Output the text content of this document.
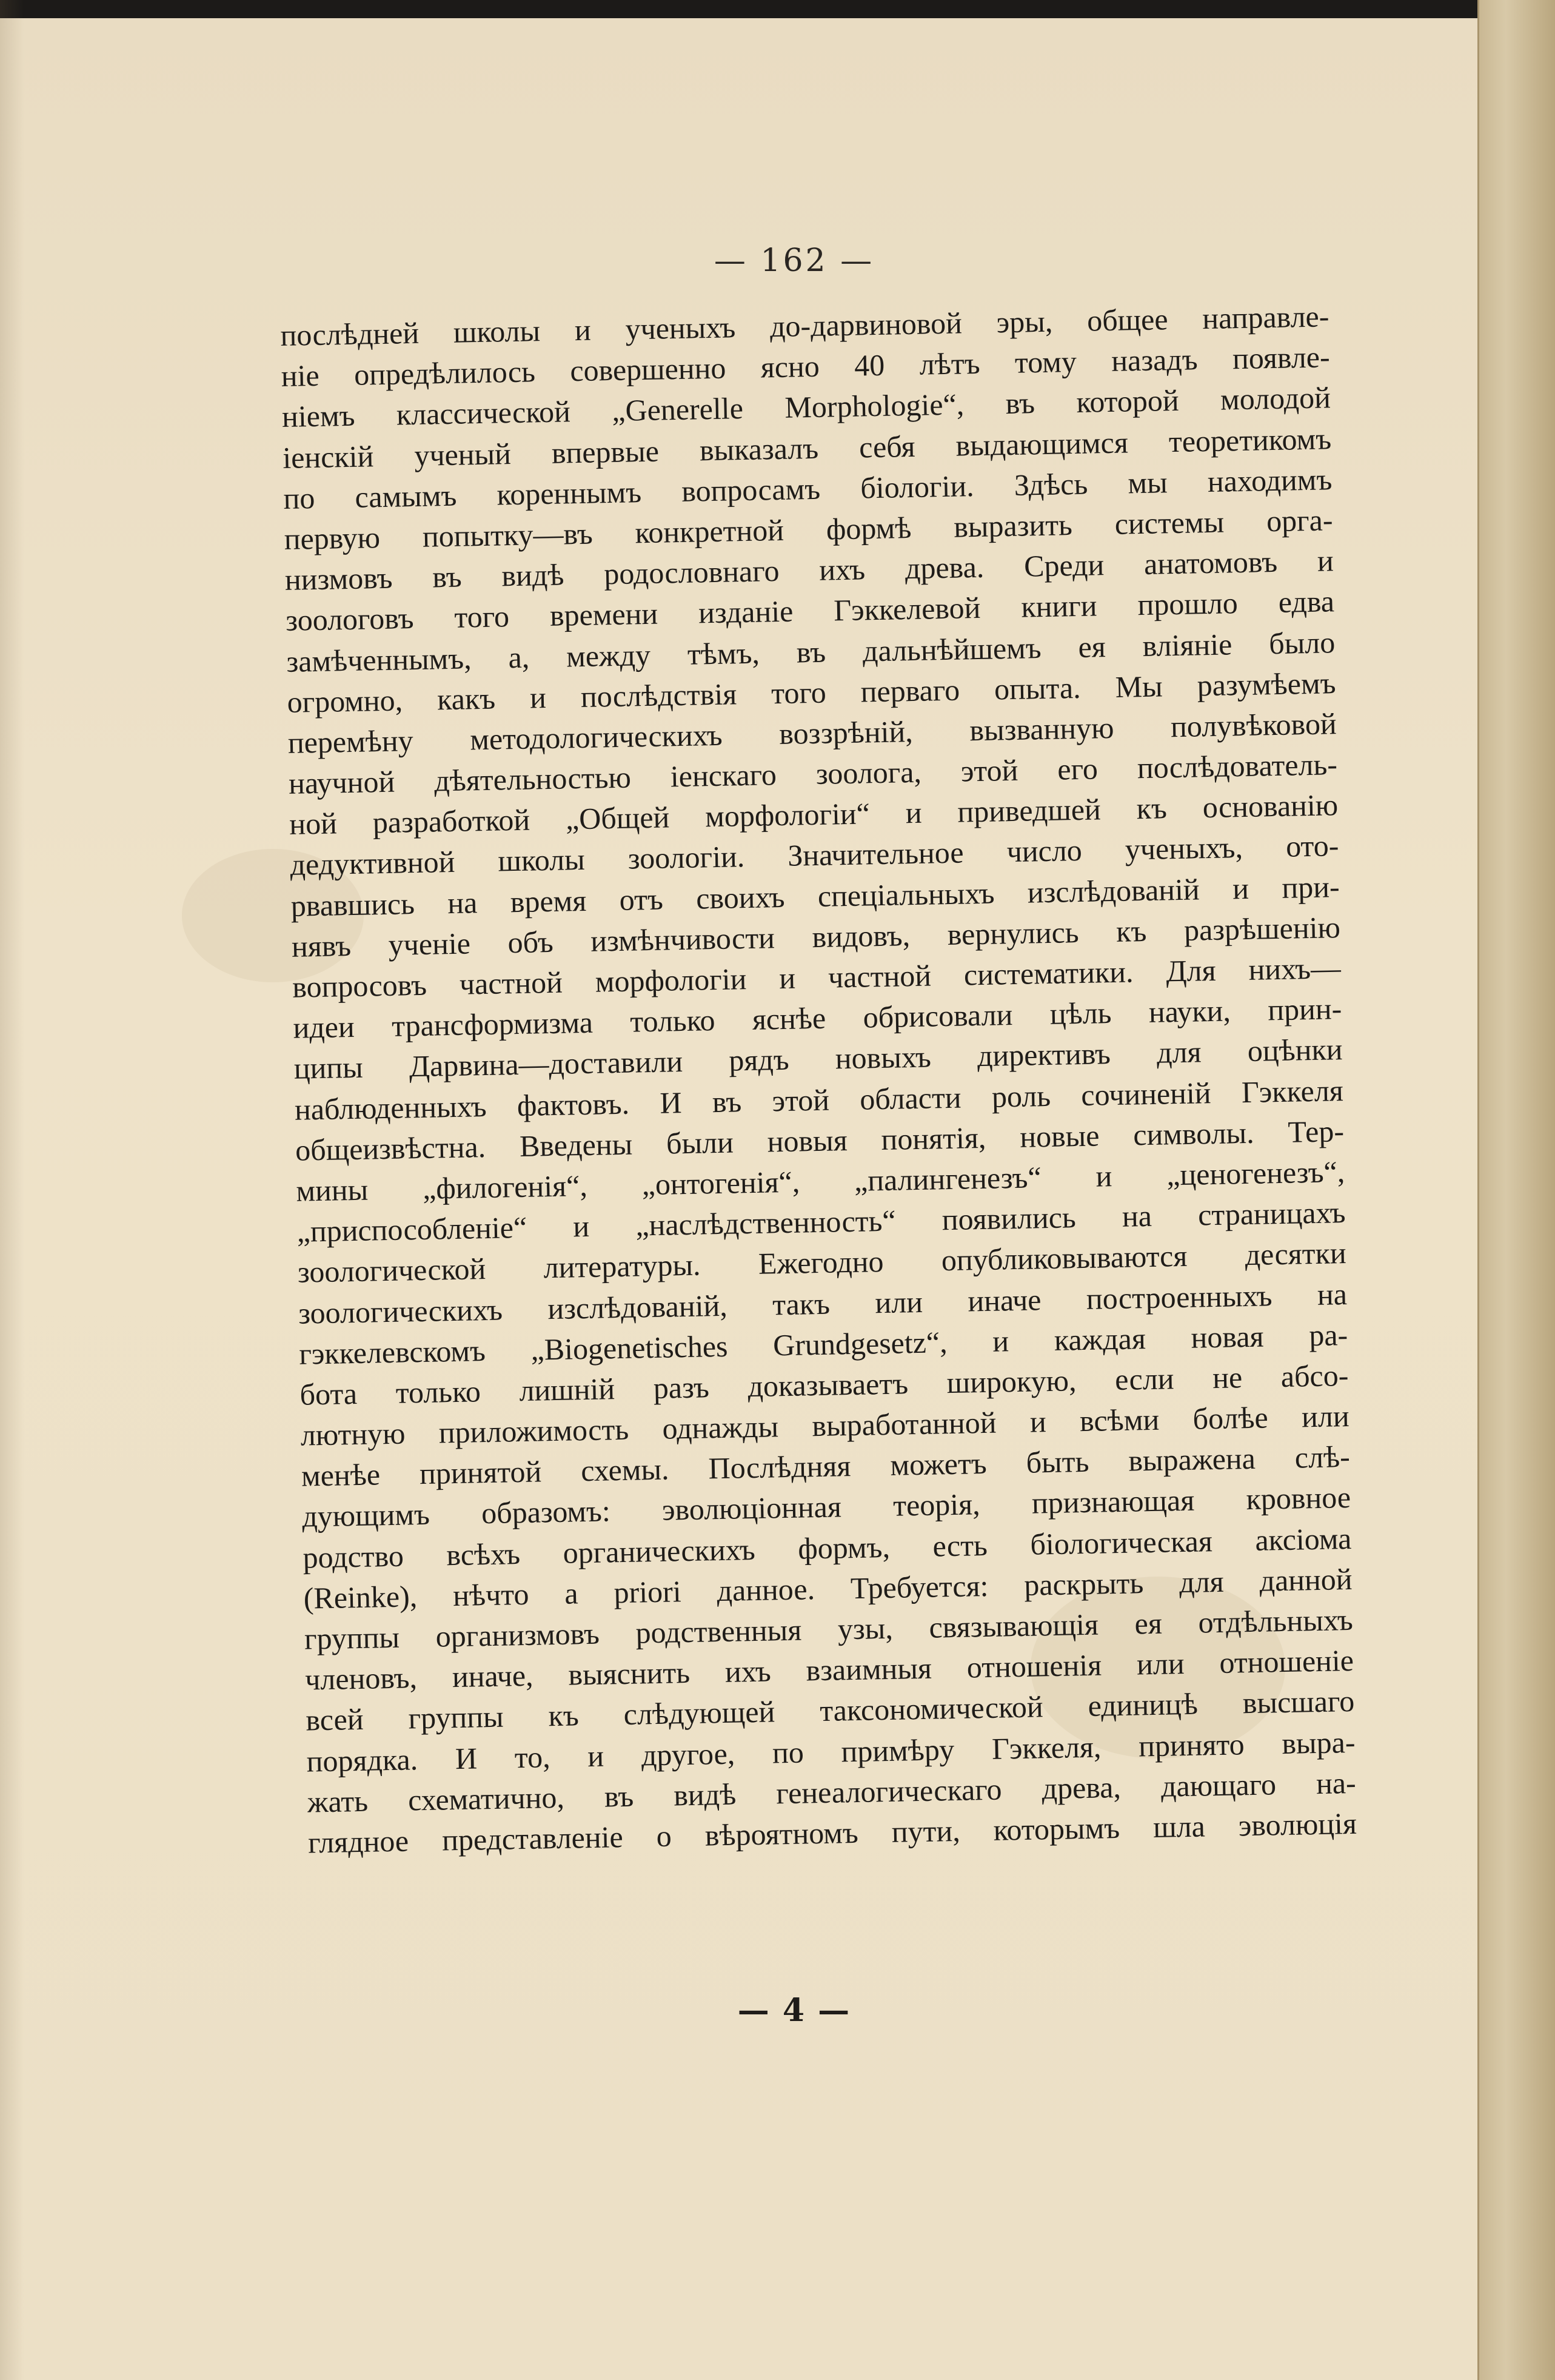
— 162 —
послѣдней школы и ученыхъ до-дарвиновой эры, общее направле-
ніе опредѣлилось совершенно ясно 40 лѣтъ тому назадъ появле-
ніемъ классической „Generelle Morphologie“, въ которой молодой
іенскій ученый впервые выказалъ себя выдающимся теоретикомъ
по самымъ кореннымъ вопросамъ біологіи. Здѣсь мы находимъ
первую попытку—въ конкретной формѣ выразить системы орга-
низмовъ въ видѣ родословнаго ихъ древа. Среди анатомовъ и
зоологовъ того времени изданіе Гэккелевой книги прошло едва
замѣченнымъ, а, между тѣмъ, въ дальнѣйшемъ ея вліяніе было
огромно, какъ и послѣдствія того перваго опыта. Мы разумѣемъ
перемѣну методологическихъ воззрѣній, вызванную полувѣковой
научной дѣятельностью іенскаго зоолога, этой его послѣдователь-
ной разработкой „Общей морфологіи“ и приведшей къ основанію
дедуктивной школы зоологіи. Значительное число ученыхъ, ото-
рвавшись на время отъ своихъ спеціальныхъ изслѣдованій и при-
нявъ ученіе объ измѣнчивости видовъ, вернулись къ разрѣшенію
вопросовъ частной морфологіи и частной систематики. Для нихъ—
идеи трансформизма только яснѣе обрисовали цѣль науки, прин-
ципы Дарвина—доставили рядъ новыхъ директивъ для оцѣнки
наблюденныхъ фактовъ. И въ этой области роль сочиненій Гэккеля
общеизвѣстна. Введены были новыя понятія, новые символы. Тер-
мины „филогенія“, „онтогенія“, „палингенезъ“ и „ценогенезъ“,
„приспособленіе“ и „наслѣдственность“ появились на страницахъ
зоологической литературы. Ежегодно опубликовываются десятки
зоологическихъ изслѣдованій, такъ или иначе построенныхъ на
гэккелевскомъ „Biogenetisches Grundgesetz“, и каждая новая ра-
бота только лишній разъ доказываетъ широкую, если не абсо-
лютную приложимость однажды выработанной и всѣми болѣе или
менѣе принятой схемы. Послѣдняя можетъ быть выражена слѣ-
дующимъ образомъ: эволюціонная теорія, признающая кровное
родство всѣхъ органическихъ формъ, есть біологическая аксіома
(Reinke), нѣчто a priori данное. Требуется: раскрыть для данной
группы организмовъ родственныя узы, связывающія ея отдѣльныхъ
членовъ, иначе, выяснить ихъ взаимныя отношенія или отношеніе
всей группы къ слѣдующей таксономической единицѣ высшаго
порядка. И то, и другое, по примѣру Гэккеля, принято выра-
жать схематично, въ видѣ генеалогическаго древа, дающаго на-
глядное представленіе о вѣроятномъ пути, которымъ шла эволюція
— 4 —
